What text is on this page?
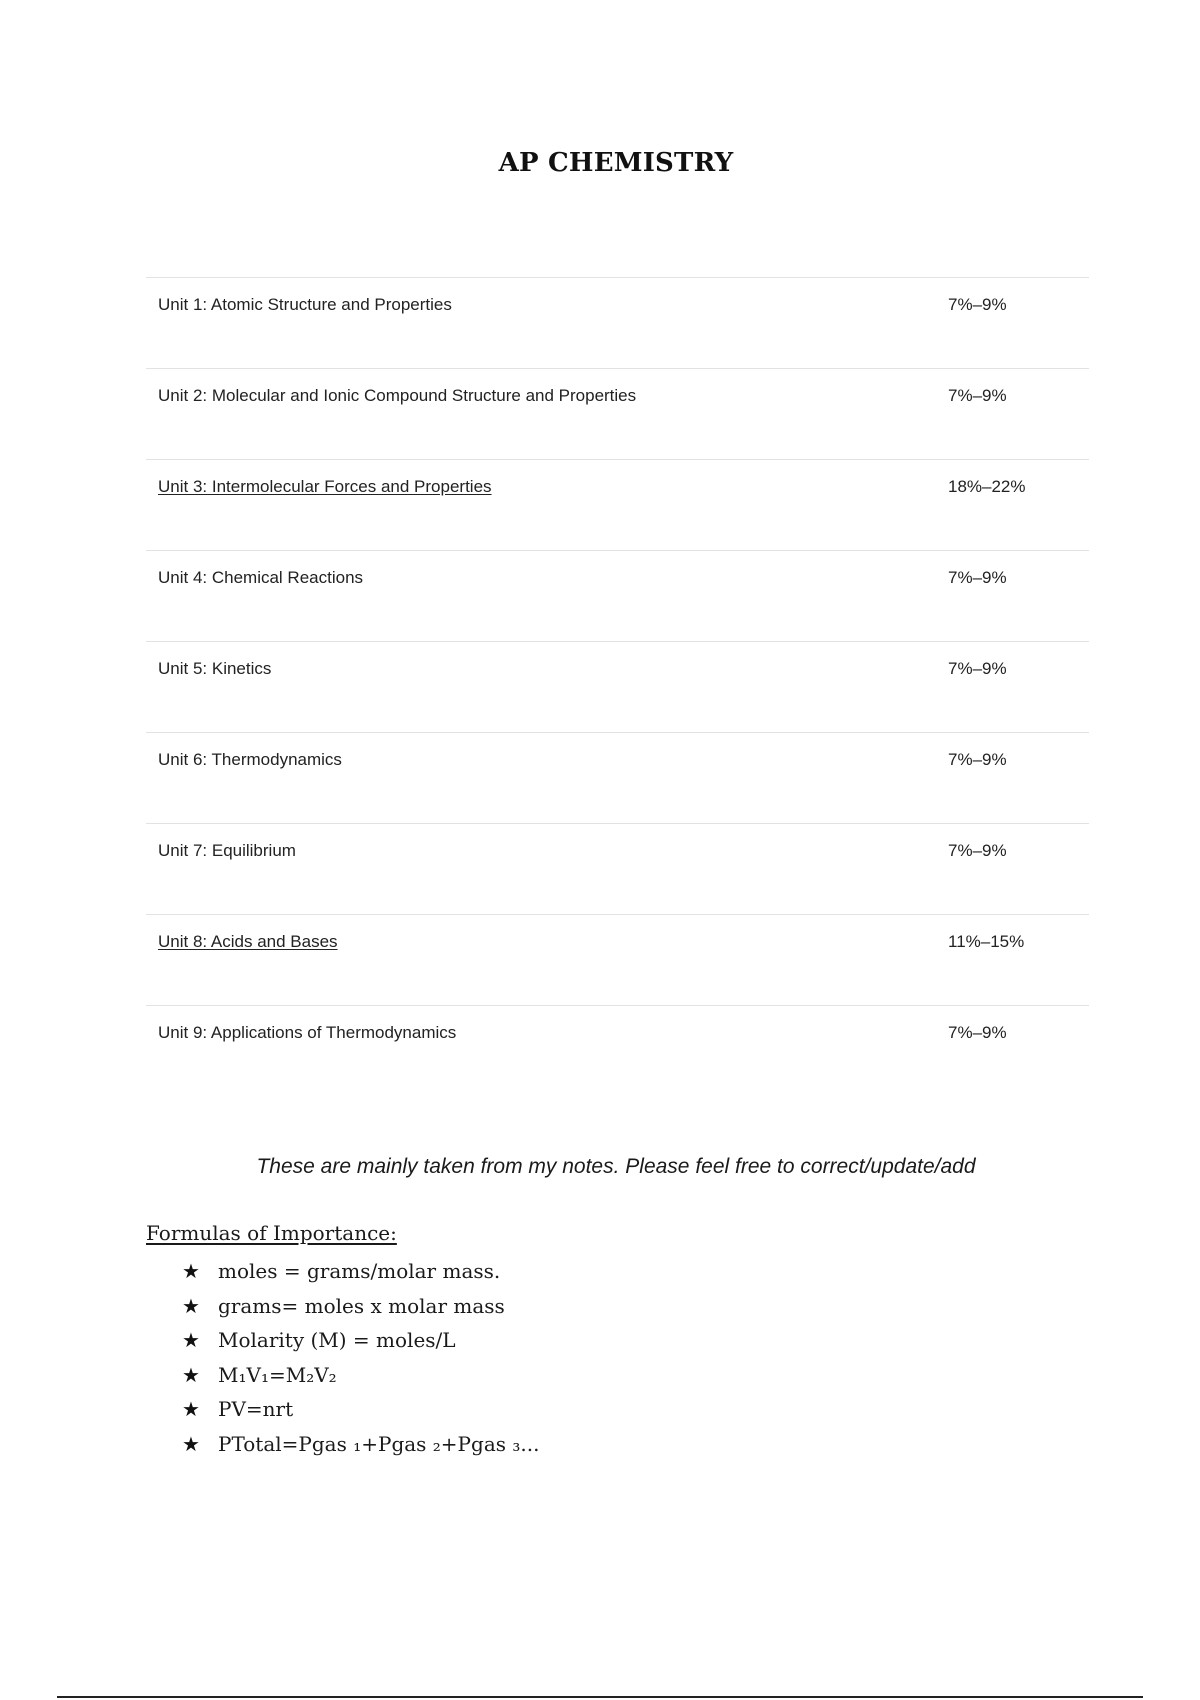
AP CHEMISTRY
Unit 1: Atomic Structure and Properties	7%–9%
Unit 2: Molecular and Ionic Compound Structure and Properties	7%–9%
Unit 3: Intermolecular Forces and Properties	18%–22%
Unit 4: Chemical Reactions	7%–9%
Unit 5: Kinetics	7%–9%
Unit 6: Thermodynamics	7%–9%
Unit 7: Equilibrium	7%–9%
Unit 8: Acids and Bases	11%–15%
Unit 9: Applications of Thermodynamics	7%–9%
These are mainly taken from my notes. Please feel free to correct/update/add
Formulas of Importance:
★ moles = grams/molar mass.
★ grams= moles x molar mass
★ Molarity (M) = moles/L
★ M₁V₁=M₂V₂
★ PV=nrt
★ PTotal=Pgas ₁+Pgas ₂+Pgas ₃...
